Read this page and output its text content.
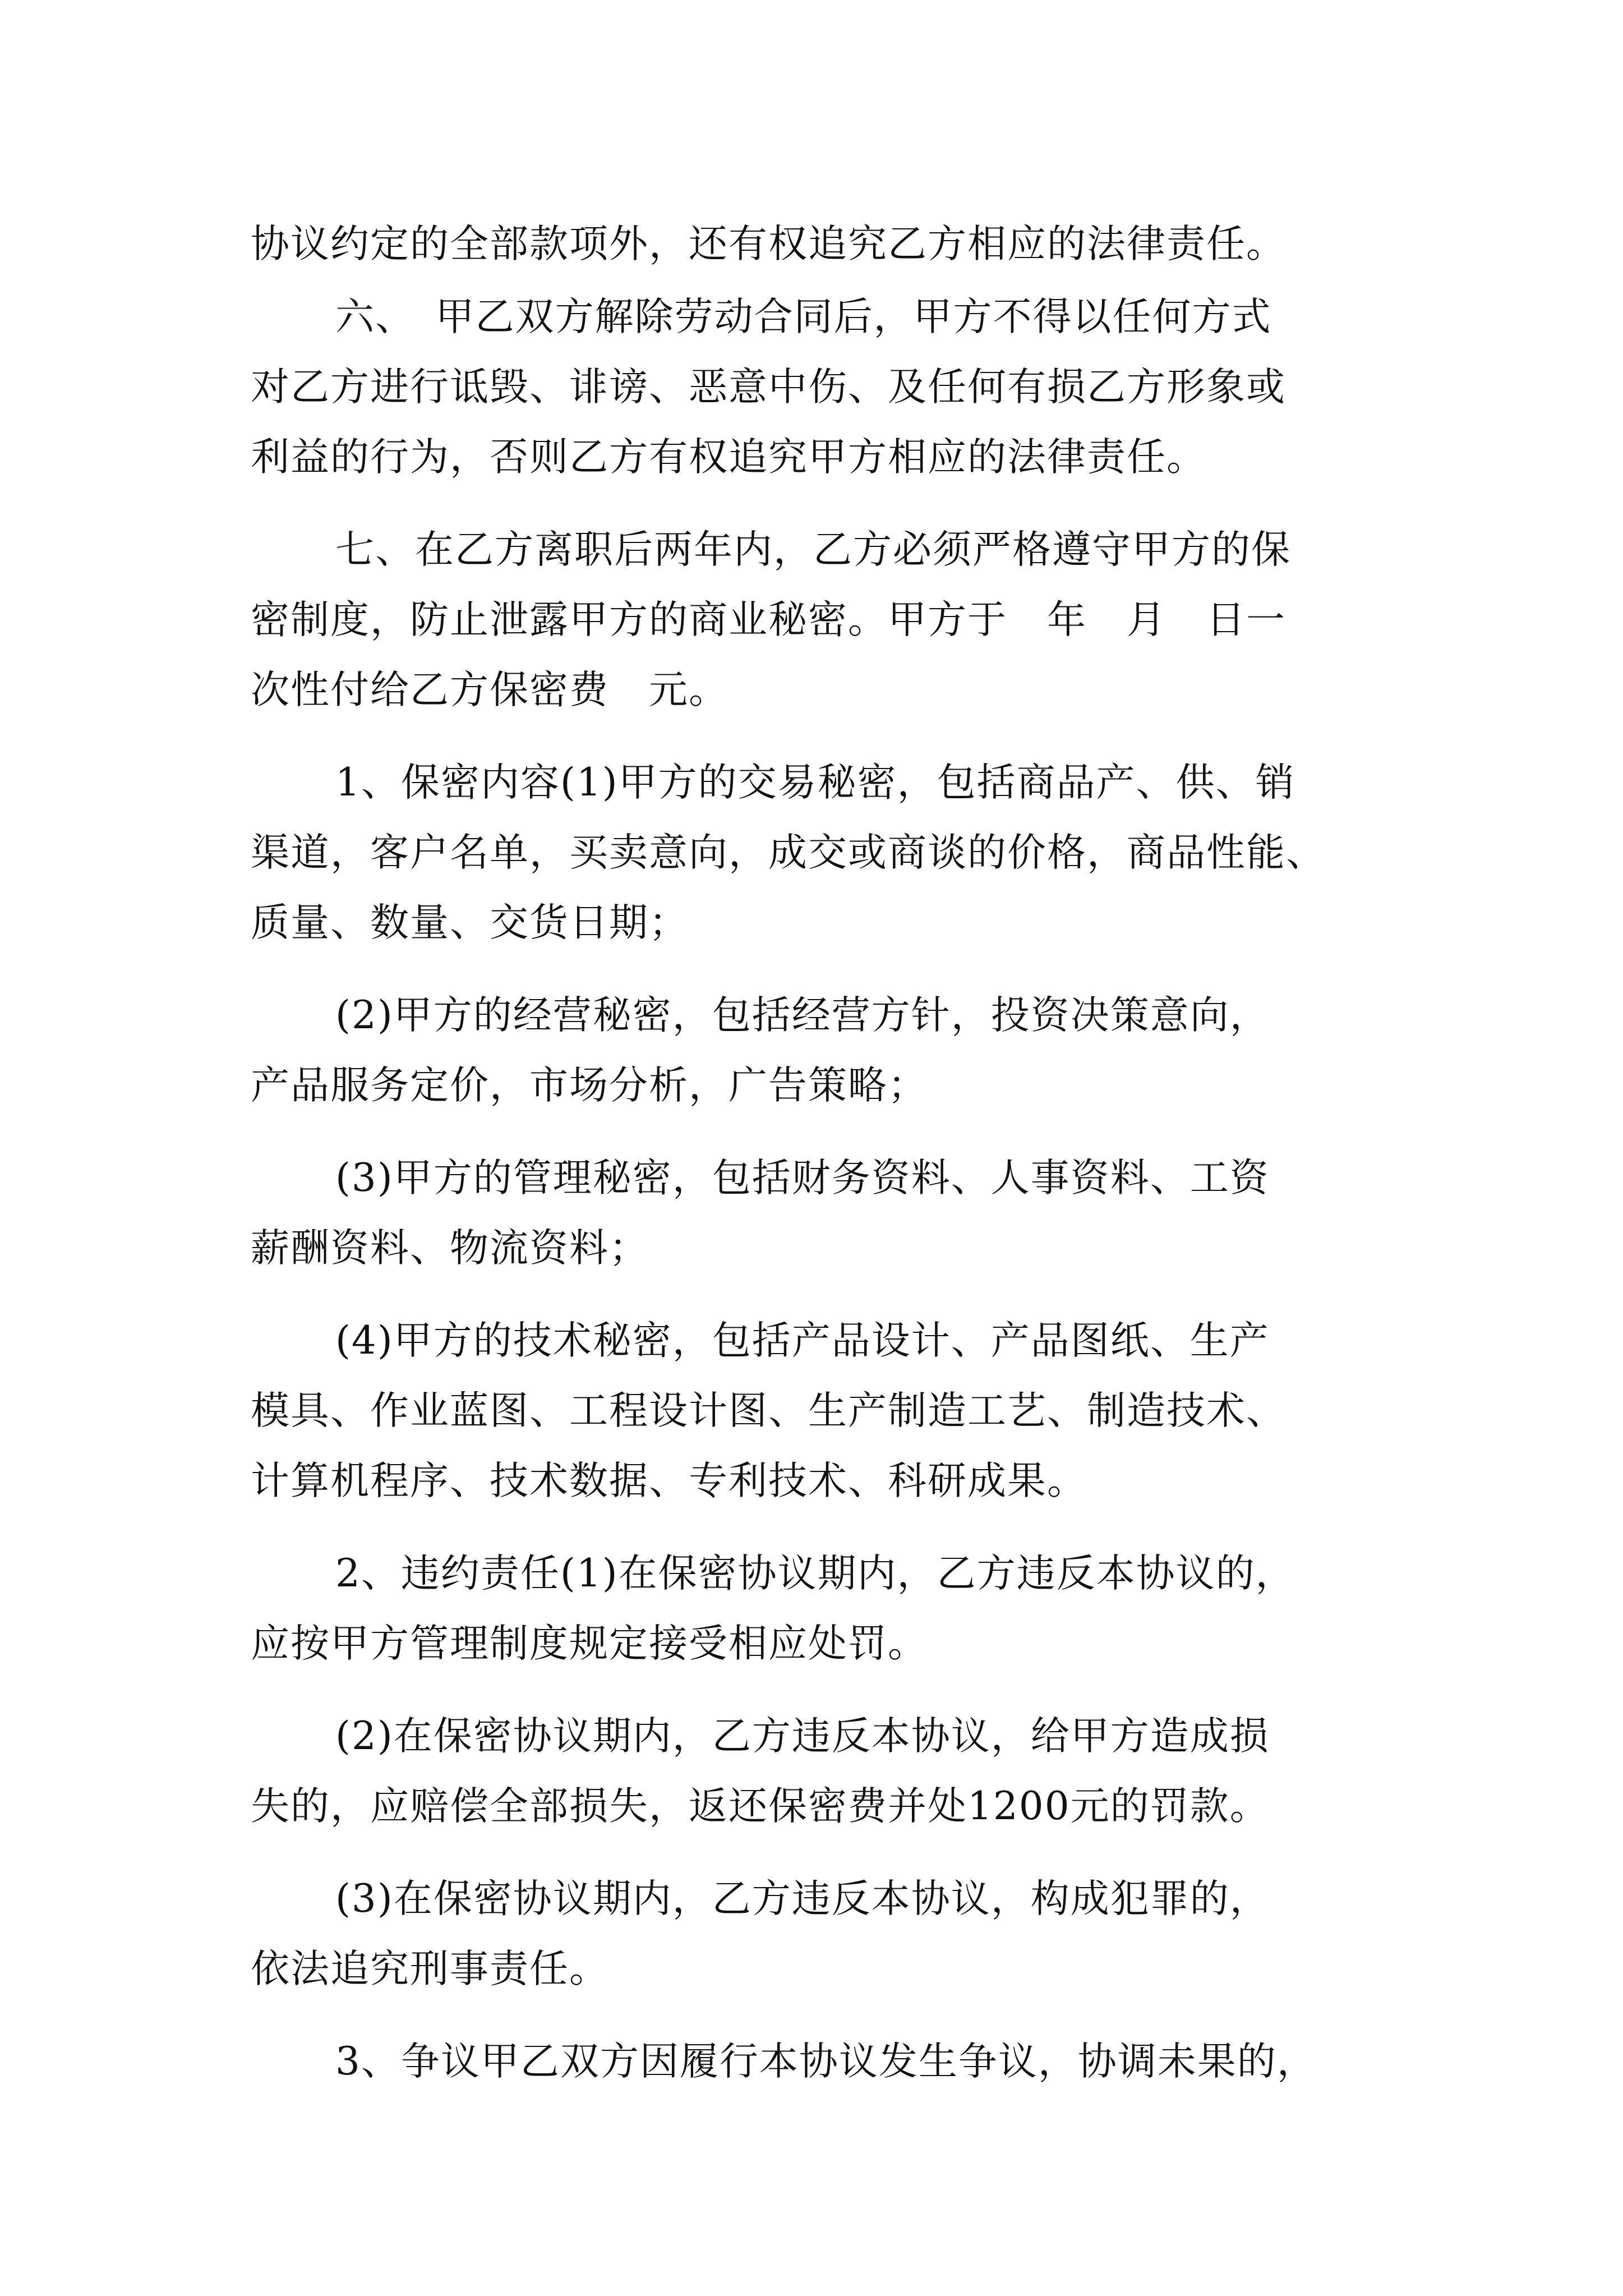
协议约定的全部款项外，还有权追究乙方相应的法律责任。
六、　甲乙双方解除劳动合同后，甲方不得以任何方式
对乙方进行诋毁、诽谤、恶意中伤、及任何有损乙方形象或
利益的行为，否则乙方有权追究甲方相应的法律责任。
七、在乙方离职后两年内，乙方必须严格遵守甲方的保
密制度，防止泄露甲方的商业秘密。甲方于　年　月　日一
次性付给乙方保密费　元。
1、保密内容(1)甲方的交易秘密，包括商品产、供、销
渠道，客户名单，买卖意向，成交或商谈的价格，商品性能、
质量、数量、交货日期；
(2)甲方的经营秘密，包括经营方针，投资决策意向，
产品服务定价，市场分析，广告策略；
(3)甲方的管理秘密，包括财务资料、人事资料、工资
薪酬资料、物流资料；
(4)甲方的技术秘密，包括产品设计、产品图纸、生产
模具、作业蓝图、工程设计图、生产制造工艺、制造技术、
计算机程序、技术数据、专利技术、科研成果。
2、违约责任(1)在保密协议期内，乙方违反本协议的，
应按甲方管理制度规定接受相应处罚。
(2)在保密协议期内，乙方违反本协议，给甲方造成损
失的，应赔偿全部损失，返还保密费并处1200元的罚款。
(3)在保密协议期内，乙方违反本协议，构成犯罪的，
依法追究刑事责任。
3、争议甲乙双方因履行本协议发生争议，协调未果的，
